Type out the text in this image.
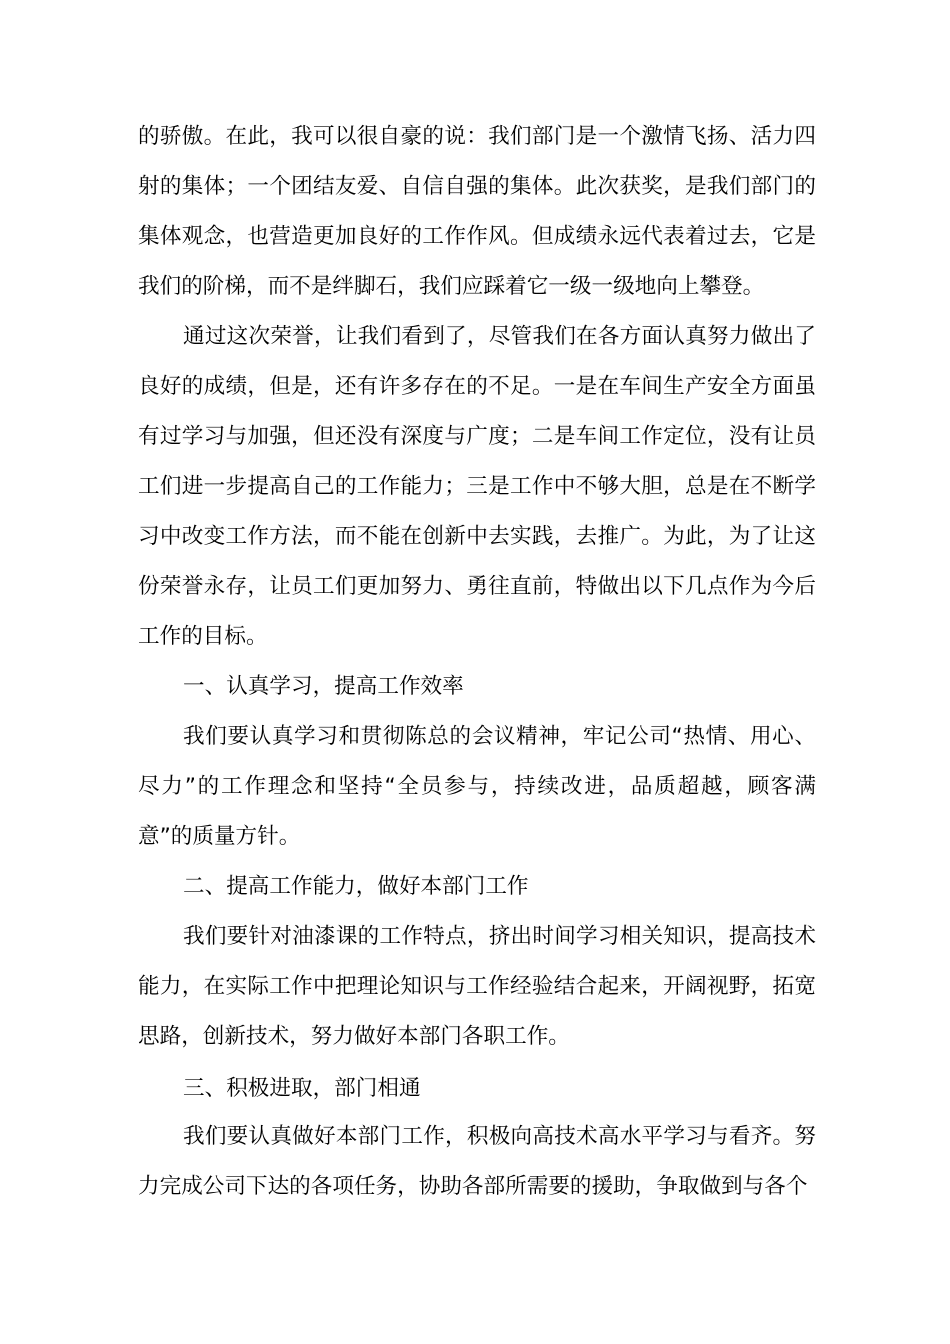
的骄傲。在此，我可以很自豪的说：我们部门是一个激情飞扬、活力四
射的集体；一个团结友爱、自信自强的集体。此次获奖，是我们部门的
集体观念，也营造更加良好的工作作风。但成绩永远代表着过去，它是
我们的阶梯，而不是绊脚石，我们应踩着它一级一级地向上攀登。
通过这次荣誉，让我们看到了，尽管我们在各方面认真努力做出了
良好的成绩，但是，还有许多存在的不足。一是在车间生产安全方面虽
有过学习与加强，但还没有深度与广度；二是车间工作定位，没有让员
工们进一步提高自己的工作能力；三是工作中不够大胆，总是在不断学
习中改变工作方法，而不能在创新中去实践，去推广。为此，为了让这
份荣誉永存，让员工们更加努力、勇往直前，特做出以下几点作为今后
工作的目标。
一、认真学习，提高工作效率
我们要认真学习和贯彻陈总的会议精神，牢记公司“热情、用心、
尽力”的工作理念和坚持“全员参与，持续改进，品质超越，顾客满
意”的质量方针。
二、提高工作能力，做好本部门工作
我们要针对油漆课的工作特点，挤出时间学习相关知识，提高技术
能力，在实际工作中把理论知识与工作经验结合起来，开阔视野，拓宽
思路，创新技术，努力做好本部门各职工作。
三、积极进取，部门相通
我们要认真做好本部门工作，积极向高技术高水平学习与看齐。努
力完成公司下达的各项任务，协助各部所需要的援助，争取做到与各个
